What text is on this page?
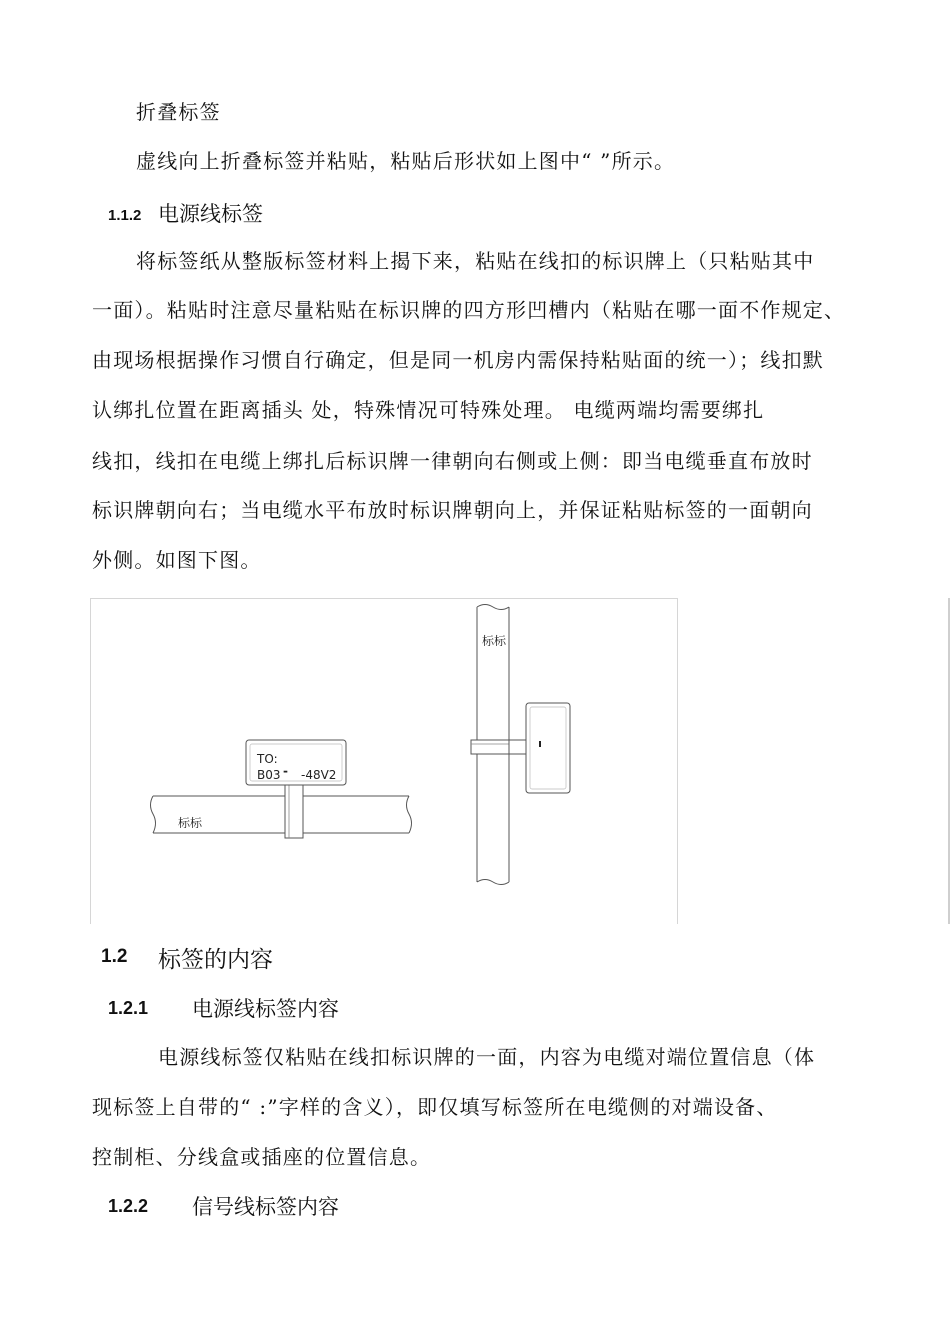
折叠标签
虚线向上折叠标签并粘贴，粘贴后形状如上图中“ ”所示。
1.1.2 电源线标签
将标签纸从整版标签材料上揭下来，粘贴在线扣的标识牌上（只粘贴其中
一面）。粘贴时注意尽量粘贴在标识牌的四方形凹槽内（粘贴在哪一面不作规定、
由现场根据操作习惯自行确定，但是同一机房内需保持粘贴面的统一）；线扣默
认绑扎位置在距离插头 处，特殊情况可特殊处理。 电缆两端均需要绑扎
线扣，线扣在电缆上绑扎后标识牌一律朝向右侧或上侧：即当电缆垂直布放时
标识牌朝向右；当电缆水平布放时标识牌朝向上，并保证粘贴标签的一面朝向
外侧。如图下图。
标标
TO:
B03 - -48V2
标标
1.2 标签的内容
1.2.1 电源线标签内容
电源线标签仅粘贴在线扣标识牌的一面，内容为电缆对端位置信息（体
现标签上自带的“ :”字样的含义），即仅填写标签所在电缆侧的对端设备、
控制柜、分线盒或插座的位置信息。
1.2.2 信号线标签内容
